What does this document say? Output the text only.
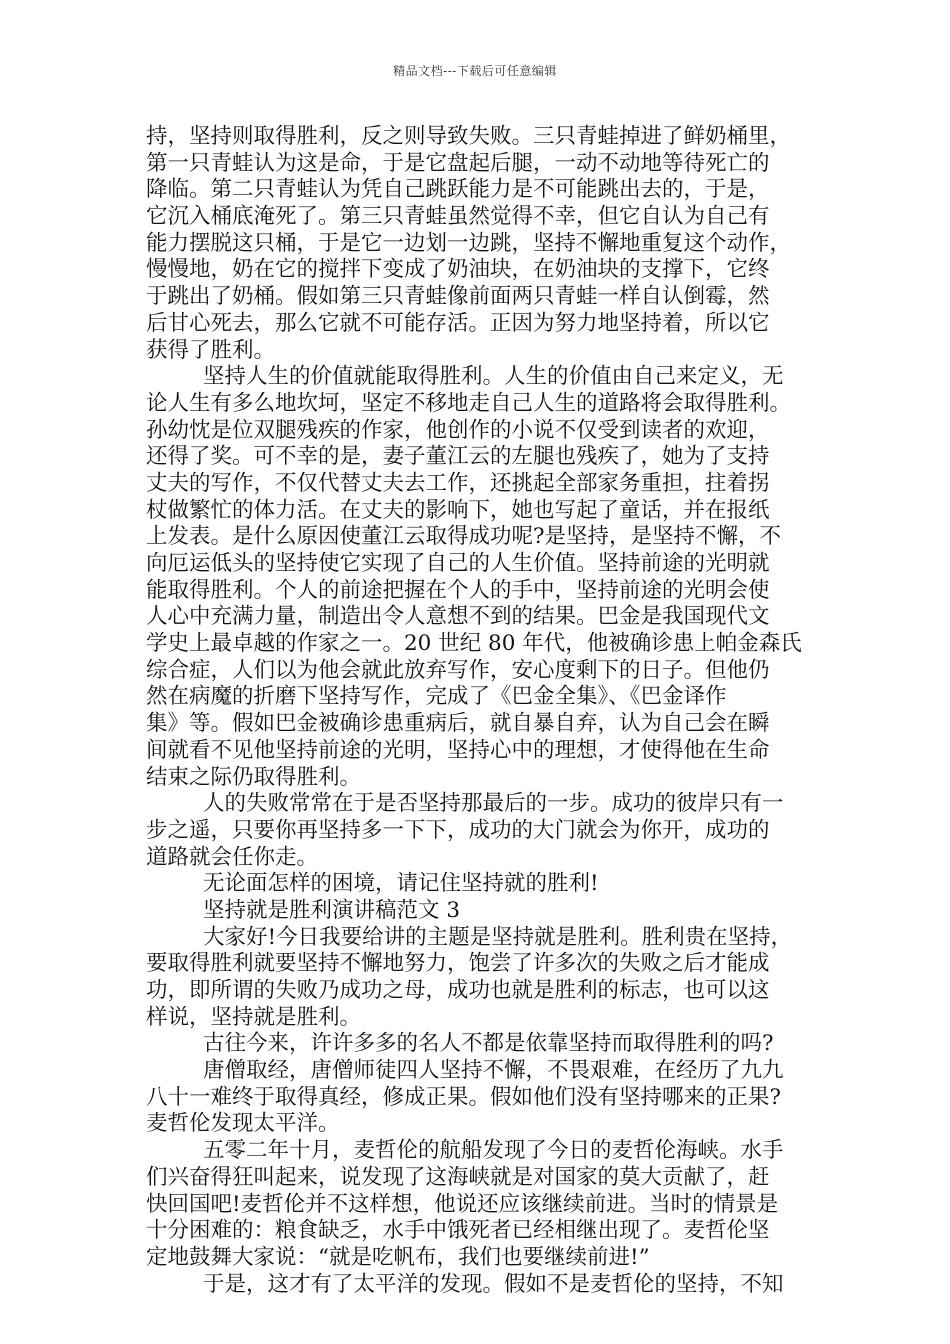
精品文档---下载后可任意编辑
持，坚持则取得胜利，反之则导致失败。三只青蛙掉进了鲜奶桶里，
第一只青蛙认为这是命，于是它盘起后腿，一动不动地等待死亡的
降临。第二只青蛙认为凭自己跳跃能力是不可能跳出去的，于是，
它沉入桶底淹死了。第三只青蛙虽然觉得不幸，但它自认为自己有
能力摆脱这只桶，于是它一边划一边跳，坚持不懈地重复这个动作，
慢慢地，奶在它的搅拌下变成了奶油块，在奶油块的支撑下，它终
于跳出了奶桶。假如第三只青蛙像前面两只青蛙一样自认倒霉，然
后甘心死去，那么它就不可能存活。正因为努力地坚持着，所以它
获得了胜利。
坚持人生的价值就能取得胜利。人生的价值由自己来定义，无
论人生有多么地坎坷，坚定不移地走自己人生的道路将会取得胜利。
孙幼忱是位双腿残疾的作家，他创作的小说不仅受到读者的欢迎，
还得了奖。可不幸的是，妻子董江云的左腿也残疾了，她为了支持
丈夫的写作，不仅代替丈夫去工作，还挑起全部家务重担，拄着拐
杖做繁忙的体力活。在丈夫的影响下，她也写起了童话，并在报纸
上发表。是什么原因使董江云取得成功呢?是坚持，是坚持不懈，不
向厄运低头的坚持使它实现了自己的人生价值。坚持前途的光明就
能取得胜利。个人的前途把握在个人的手中，坚持前途的光明会使
人心中充满力量，制造出令人意想不到的结果。巴金是我国现代文
学史上最卓越的作家之一。20 世纪 80 年代，他被确诊患上帕金森氏
综合症，人们以为他会就此放弃写作，安心度剩下的日子。但他仍
然在病魔的折磨下坚持写作，完成了《巴金全集》、《巴金译作
集》等。假如巴金被确诊患重病后，就自暴自弃，认为自己会在瞬
间就看不见他坚持前途的光明，坚持心中的理想，才使得他在生命
结束之际仍取得胜利。
人的失败常常在于是否坚持那最后的一步。成功的彼岸只有一
步之遥，只要你再坚持多一下下，成功的大门就会为你开，成功的
道路就会任你走。
无论面怎样的困境，请记住坚持就的胜利!
坚持就是胜利演讲稿范文 3
大家好!今日我要给讲的主题是坚持就是胜利。胜利贵在坚持，
要取得胜利就要坚持不懈地努力，饱尝了许多次的失败之后才能成
功，即所谓的失败乃成功之母，成功也就是胜利的标志，也可以这
样说，坚持就是胜利。
古往今来，许许多多的名人不都是依靠坚持而取得胜利的吗?
唐僧取经，唐僧师徒四人坚持不懈，不畏艰难，在经历了九九
八十一难终于取得真经，修成正果。假如他们没有坚持哪来的正果?
麦哲伦发现太平洋。
五零二年十月，麦哲伦的航船发现了今日的麦哲伦海峡。水手
们兴奋得狂叫起来，说发现了这海峡就是对国家的莫大贡献了，赶
快回国吧!麦哲伦并不这样想，他说还应该继续前进。当时的情景是
十分困难的：粮食缺乏，水手中饿死者已经相继出现了。麦哲伦坚
定地鼓舞大家说：“就是吃帆布，我们也要继续前进!”
于是，这才有了太平洋的发现。假如不是麦哲伦的坚持，不知
